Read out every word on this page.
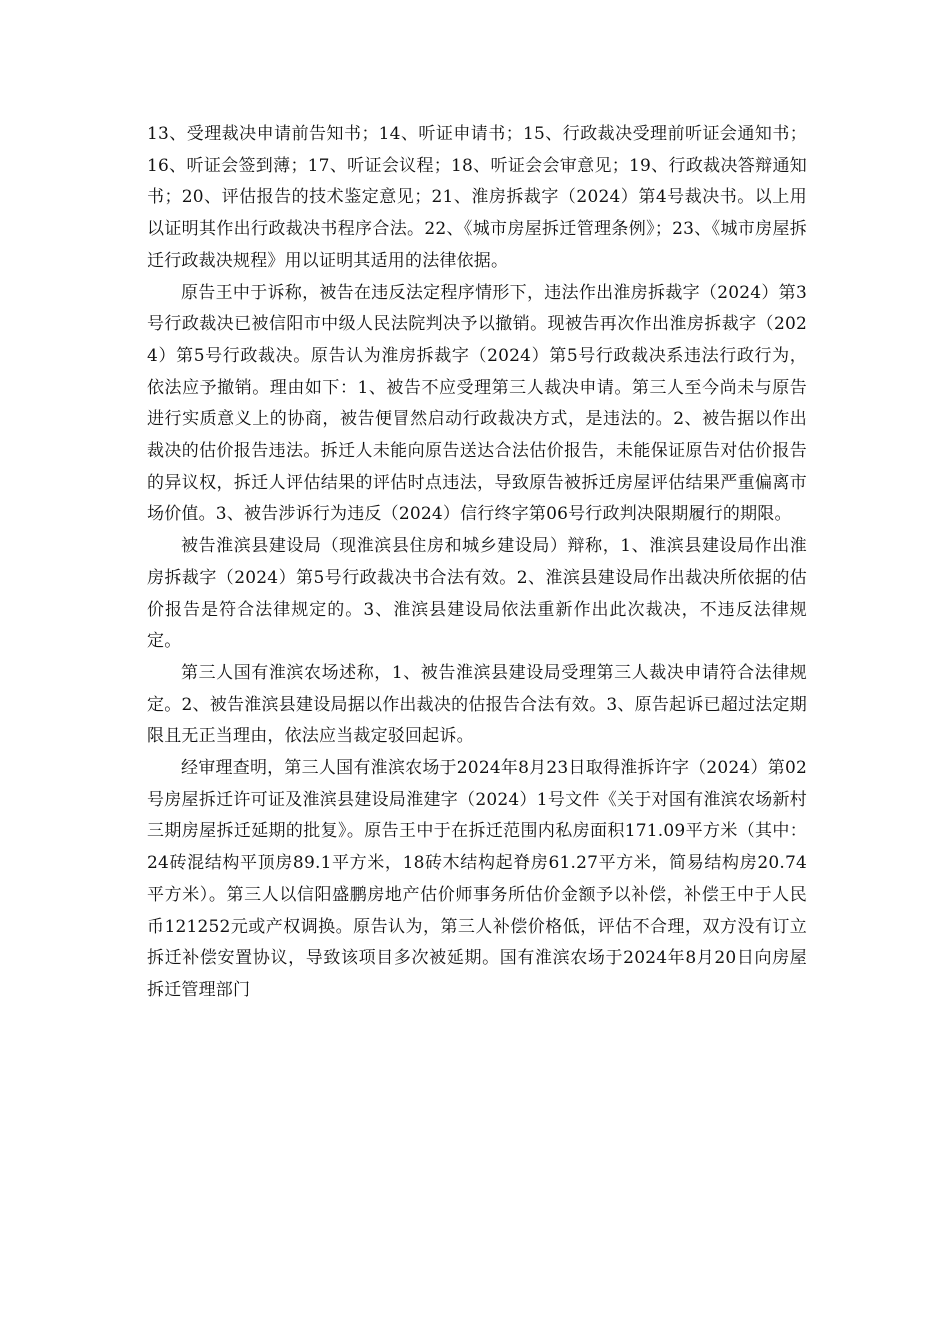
13、受理裁决申请前告知书；14、听证申请书；15、行政裁决受理前听证会通知书；16、听证会签到薄；17、听证会议程；18、听证会会审意见；19、行政裁决答辩通知书；20、评估报告的技术鉴定意见；21、淮房拆裁字（2024）第4号裁决书。以上用以证明其作出行政裁决书程序合法。22、《城市房屋拆迁管理条例》；23、《城市房屋拆迁行政裁决规程》用以证明其适用的法律依据。

原告王中于诉称，被告在违反法定程序情形下，违法作出淮房拆裁字（2024）第3号行政裁决已被信阳市中级人民法院判决予以撤销。现被告再次作出淮房拆裁字（2024）第5号行政裁决。原告认为淮房拆裁字（2024）第5号行政裁决系违法行政行为，依法应予撤销。理由如下：1、被告不应受理第三人裁决申请。第三人至今尚未与原告进行实质意义上的协商，被告便冒然启动行政裁决方式，是违法的。2、被告据以作出裁决的估价报告违法。拆迁人未能向原告送达合法估价报告，未能保证原告对估价报告的异议权，拆迁人评估结果的评估时点违法，导致原告被拆迁房屋评估结果严重偏离市场价值。3、被告涉诉行为违反（2024）信行终字第06号行政判决限期履行的期限。

被告淮滨县建设局（现淮滨县住房和城乡建设局）辩称，1、淮滨县建设局作出淮房拆裁字（2024）第5号行政裁决书合法有效。2、淮滨县建设局作出裁决所依据的估价报告是符合法律规定的。3、淮滨县建设局依法重新作出此次裁决，不违反法律规定。

第三人国有淮滨农场述称，1、被告淮滨县建设局受理第三人裁决申请符合法律规定。2、被告淮滨县建设局据以作出裁决的估报告合法有效。3、原告起诉已超过法定期限且无正当理由，依法应当裁定驳回起诉。

经审理查明，第三人国有淮滨农场于2024年8月23日取得淮拆许字（2024）第02号房屋拆迁许可证及淮滨县建设局淮建字（2024）1号文件《关于对国有淮滨农场新村三期房屋拆迁延期的批复》。原告王中于在拆迁范围内私房面积171.09平方米（其中：24砖混结构平顶房89.1平方米，18砖木结构起脊房61.27平方米，简易结构房20.74平方米）。第三人以信阳盛鹏房地产估价师事务所估价金额予以补偿，补偿王中于人民币121252元或产权调换。原告认为，第三人补偿价格低，评估不合理，双方没有订立拆迁补偿安置协议，导致该项目多次被延期。国有淮滨农场于2024年8月20日向房屋拆迁管理部门
